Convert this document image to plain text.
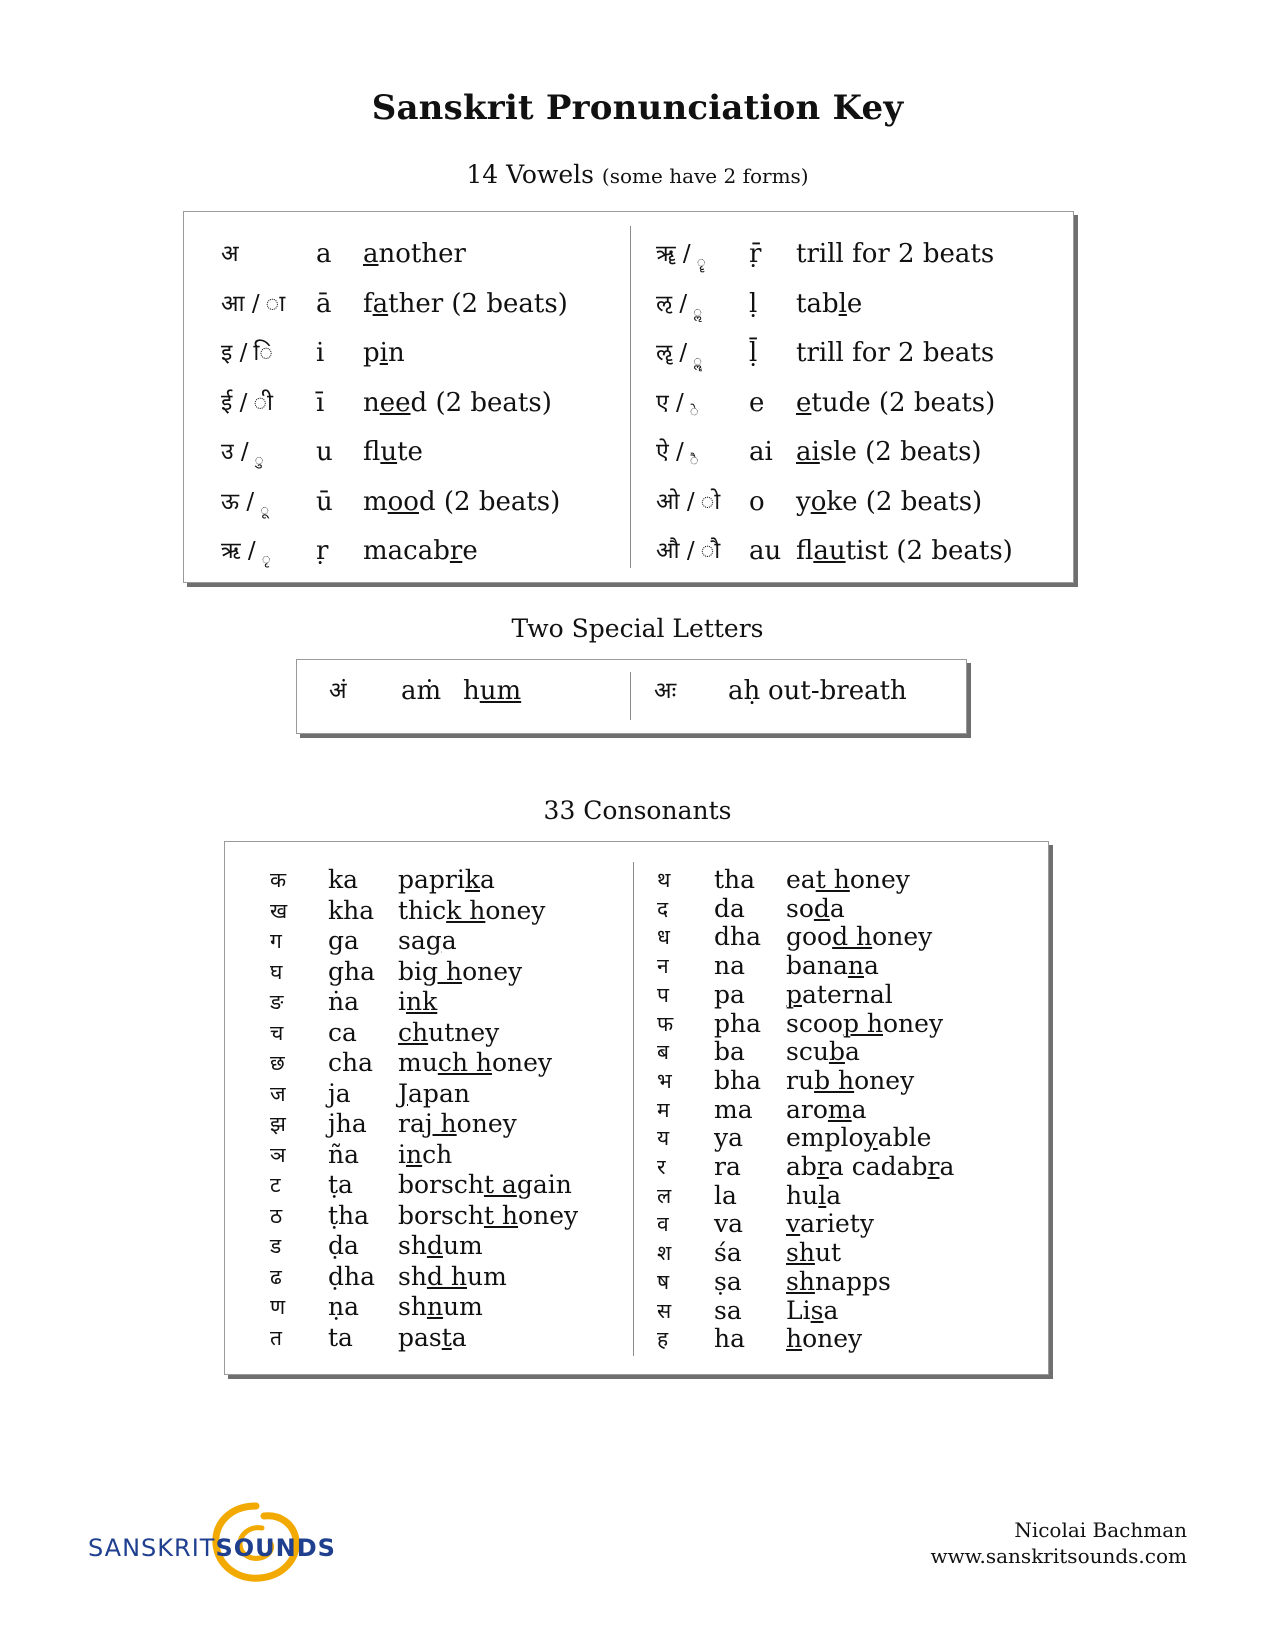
Sanskrit Pronunciation Key
14 Vowels (some have 2 forms)
अ	a another
आ / ा ā father (2 beats)
इ / ि i pin
ई / ी ī need (2 beats)
उ / $_ु$ u flute
ऊ / $_ू$ ū mood (2 beats)
ऋ / $_ृ$ ṛ macabre
ॠ / $_ॄ$ ṝ trill for 2 beats
ऌ / $_ॢ$ ḷ table
ॡ / $_ॣ$ ḹ trill for 2 beats
ए / $_े$ e etude (2 beats)
ऐ / $_ै$ ai aisle (2 beats)
ओ / ो o yoke (2 beats)
औ / ौ au flautist (2 beats)
Two Special Letters
अं aṁ hum	अः aḥ out-breath
33 Consonants
क ka paprika
ख kha thick honey
ग ga saga
घ gha big honey
ङ ṅa ink
च ca chutney
छ cha much honey
ज ja Japan
झ jha raj honey
ञ ña inch
ट ṭa borscht again
ठ ṭha borscht honey
ड ḍa shdum
ढ ḍha shd hum
ण ṇa shnum
त ta pasta
थ tha eat honey
द da soda
ध dha good honey
न na banana
प pa paternal
फ pha scoop honey
ब ba scuba
भ bha rub honey
म ma aroma
य ya employable
र ra abra cadabra
ल la hula
व va variety
श śa shut
ष ṣa shnapps
स sa Lisa
ह ha honey
SANSKRITSOUNDS
Nicolai Bachman
www.sanskritsounds.com
